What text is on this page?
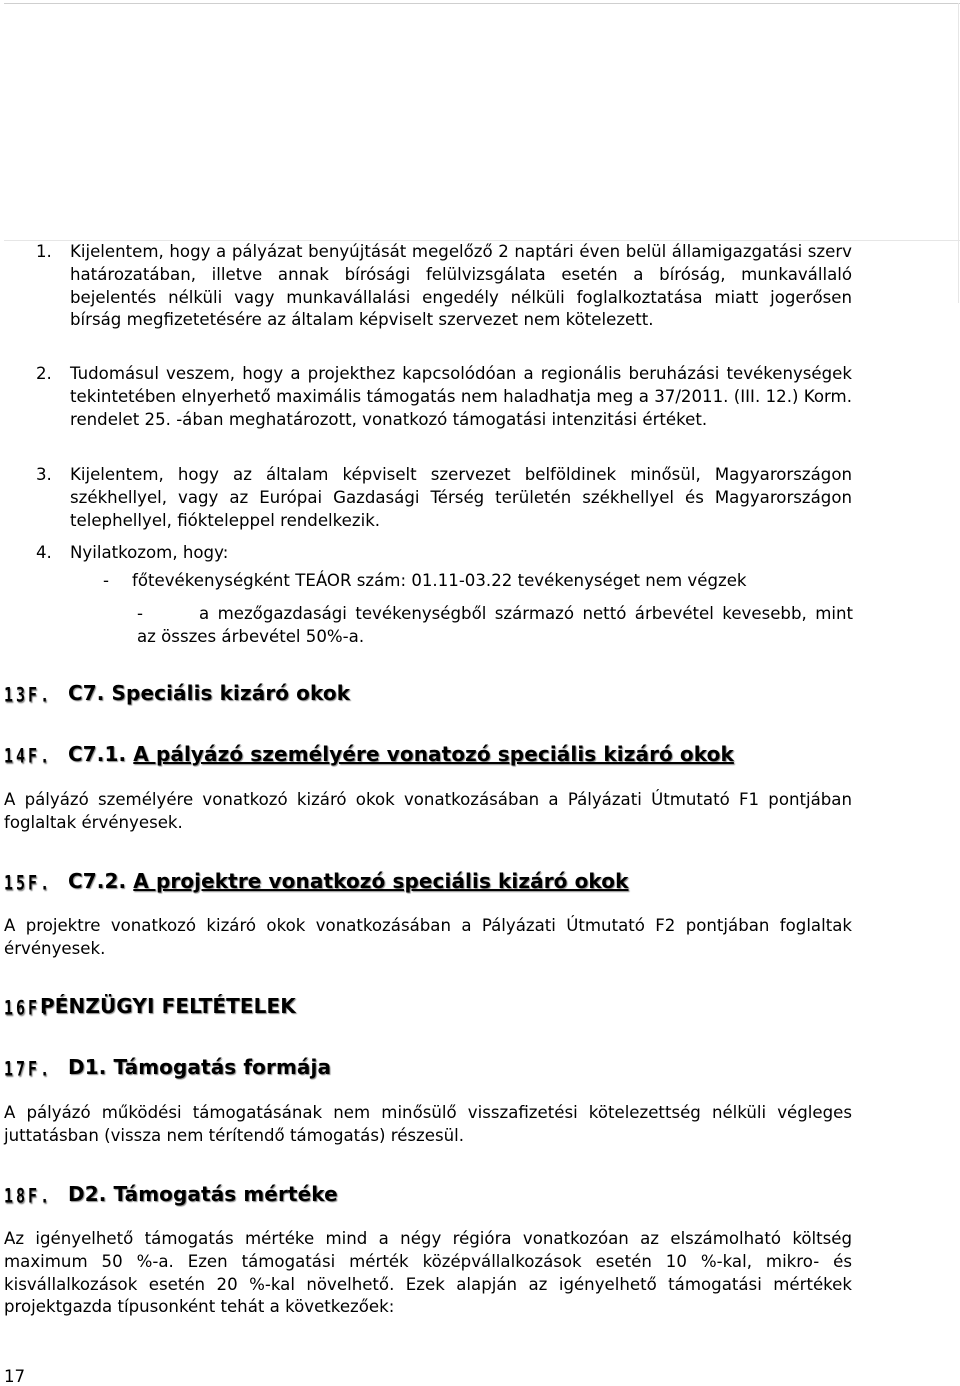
1. Kijelentem, hogy a pályázat benyújtását megelőző 2 naptári éven belül államigazgatási szerv határozatában, illetve annak bírósági felülvizsgálata esetén a bíróság, munkavállaló bejelentés nélküli vagy munkavállalási engedély nélküli foglalkoztatása miatt jogerősen bírság megfizetetésére az általam képviselt szervezet nem kötelezett.

2. Tudomásul veszem, hogy a projekthez kapcsolódóan a regionális beruházási tevékenységek tekintetében elnyerhető maximális támogatás nem haladhatja meg a 37/2011. (III. 12.) Korm. rendelet 25. -ában meghatározott, vonatkozó támogatási intenzitási értéket.

3. Kijelentem, hogy az általam képviselt szervezet belföldinek minősül, Magyarországon székhellyel, vagy az Európai Gazdasági Térség területén székhellyel és Magyarországon telephellyel, fiókteleppel rendelkezik.

4. Nyilatkozom, hogy:

- főtevékenységként TEÁOR szám: 01.11-03.22 tevékenységet nem végzek

-	a mezőgazdasági tevékenységből származó nettó árbevétel kevesebb, mint az összes árbevétel 50%-a.

13F. C7. Speciális kizáró okok
14F. C7.1. A pályázó személyére vonatozó speciális kizáró okok

A pályázó személyére vonatkozó kizáró okok vonatkozásában a Pályázati Útmutató F1 pontjában foglaltak érvényesek.

15F. C7.2. A projektre vonatkozó speciális kizáró okok

A projektre vonatkozó kizáró okok vonatkozásában a Pályázati Útmutató F2 pontjában foglaltak érvényesek.

16F.PÉNZÜGYI FELTÉTELEK
17F. D1. Támogatás formája

A pályázó működési támogatásának nem minősülő visszafizetési kötelezettség nélküli végleges juttatásban (vissza nem térítendő támogatás) részesül.

18F. D2. Támogatás mértéke

Az igényelhető támogatás mértéke mind a négy régióra vonatkozóan az elszámolható költség maximum 50 %-a. Ezen támogatási mérték középvállalkozások esetén 10 %-kal, mikro- és kisvállalkozások esetén 20 %-kal növelhető. Ezek alapján az igényelhető támogatási mértékek projektgazda típusonként tehát a következőek:

17
